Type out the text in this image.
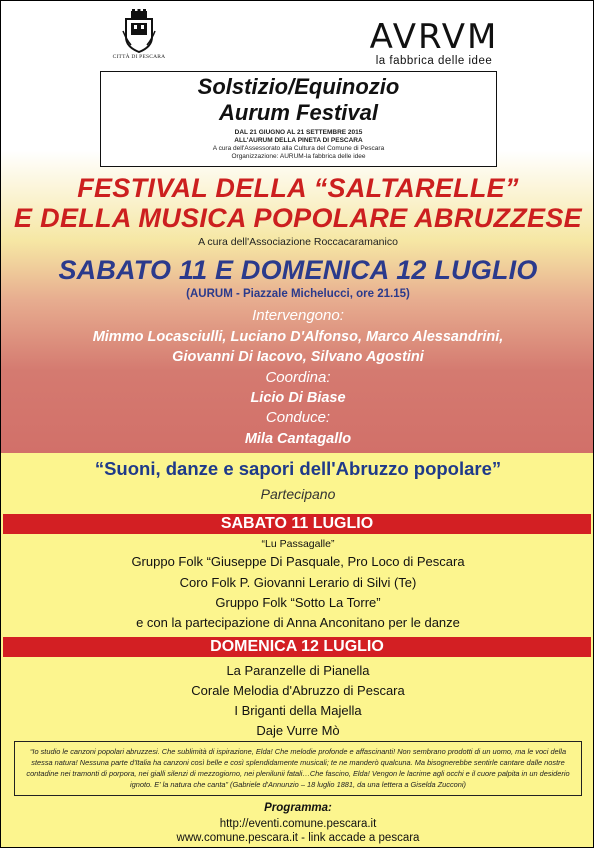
CITTÀ DI PESCARA	AVRVM
la fabbrica delle idee
Solstizio/Equinozio
Aurum Festival
DAL 21 GIUGNO AL 21 SETTEMBRE 2015
ALL'AURUM DELLA PINETA DI PESCARA
A cura dell'Assessorato alla Cultura del Comune di Pescara
Organizzazione: AURUM-la fabbrica delle idee
FESTIVAL DELLA “SALTARELLE”
E DELLA MUSICA POPOLARE ABRUZZESE
A cura dell'Associazione Roccacaramanico
SABATO 11 E DOMENICA 12 LUGLIO
(AURUM - Piazzale Michelucci, ore 21.15)
Intervengono:
Mimmo Locasciulli, Luciano D'Alfonso, Marco Alessandrini,
Giovanni Di Iacovo, Silvano Agostini
Coordina:
Licio Di Biase
Conduce:
Mila Cantagallo
“Suoni, danze e sapori dell'Abruzzo popolare”
Partecipano
SABATO 11 LUGLIO
“Lu Passagalle”
Gruppo Folk “Giuseppe Di Pasquale, Pro Loco di Pescara
Coro Folk P. Giovanni Lerario di Silvi (Te)
Gruppo Folk “Sotto La Torre”
e con la partecipazione di Anna Anconitano per le danze
DOMENICA 12 LUGLIO
La Paranzelle di Pianella
Corale Melodia d'Abruzzo di Pescara
I Briganti della Majella
Daje Vurre Mò
“Io studio le canzoni popolari abruzzesi. Che sublimità di ispirazione, Elda! Che melodie profonde e affascinanti! Non sembrano prodotti di un uomo, ma le voci della stessa natura! Nessuna parte d'Italia ha canzoni così belle e così splendidamente musicali; te ne manderò qualcuna. Ma bisognerebbe sentirle cantare dalle nostre contadine nei tramonti di porpora, nei gialli silenzi di mezzogiorno, nei plenilunii fatali…Che fascino, Elda! Vengon le lacrime agli occhi e il cuore palpita in un desiderio ignoto. E' la natura che canta” (Gabriele d'Annunzio – 18 luglio 1881, da una lettera a Giselda Zucconi)
Programma:
http://eventi.comune.pescara.it
www.comune.pescara.it - link accade a pescara
